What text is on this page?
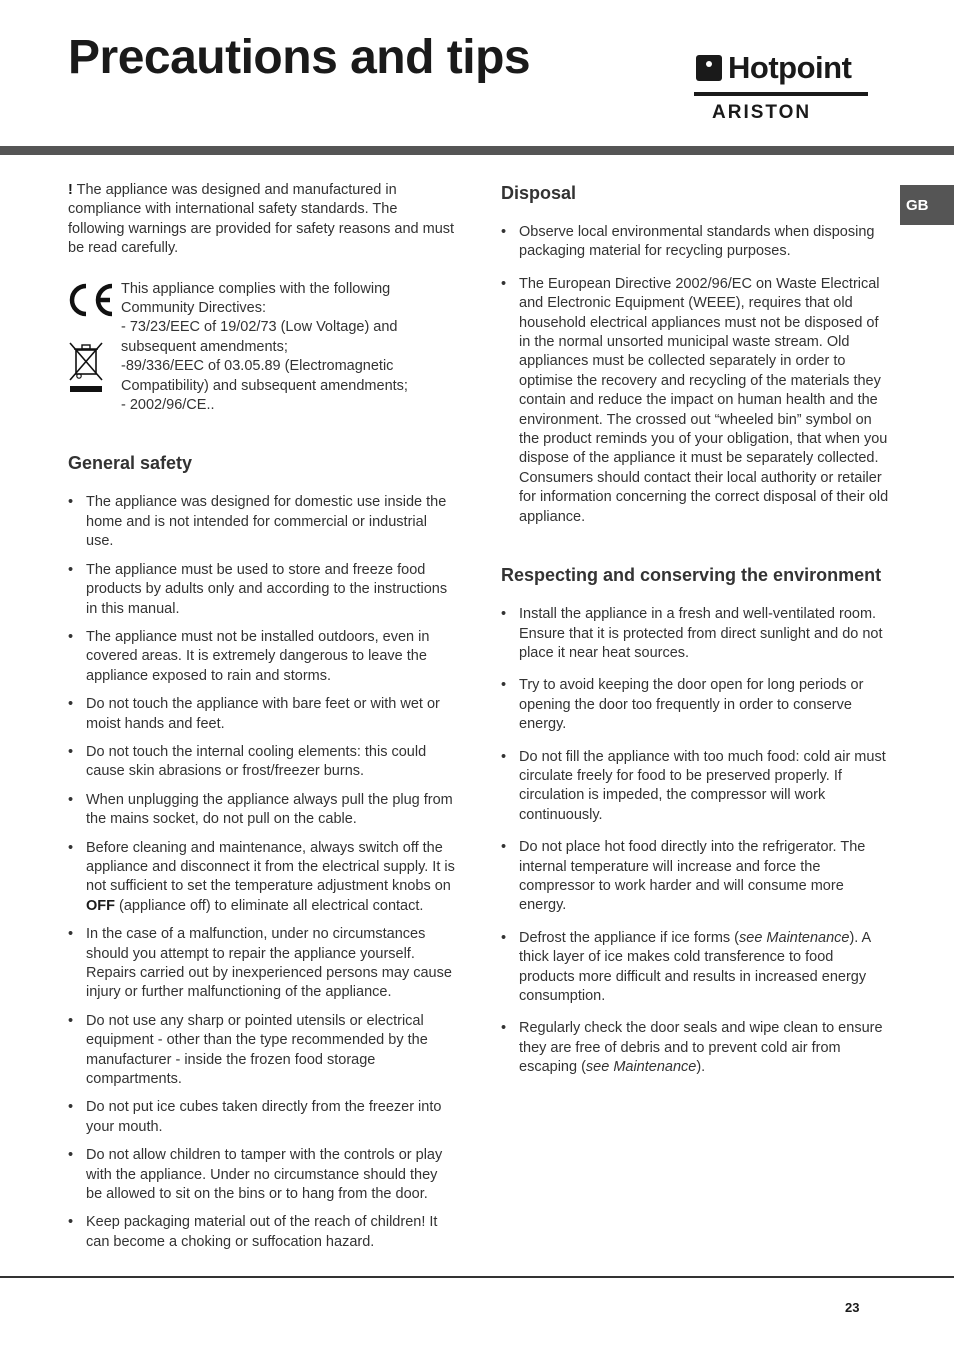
Precautions and tips	Hotpoint
ARISTON
GB

! The appliance was designed and manufactured in compliance with international safety standards. The following warnings are provided for safety reasons and must be read carefully.

This appliance complies with the following Community Directives:
- 73/23/EEC of 19/02/73 (Low Voltage) and subsequent amendments;
-89/336/EEC of 03.05.89 (Electromagnetic Compatibility) and subsequent amendments;
- 2002/96/CE..
General safety
• The appliance was designed for domestic use inside the home and is not intended for commercial or industrial use.
• The appliance must be used to store and freeze food products by adults only and according to the instructions in this manual.
• The appliance must not be installed outdoors, even in covered areas. It is extremely dangerous to leave the appliance exposed to rain and storms.
• Do not touch the appliance with bare feet or with wet or moist hands and feet.
• Do not touch the internal cooling elements: this could cause skin abrasions or frost/freezer burns.
• When unplugging the appliance always pull the plug from the mains socket, do not pull on the cable.
• Before cleaning and maintenance, always switch off the appliance and disconnect it from the electrical supply. It is not sufficient to set the temperature adjustment knobs on OFF (appliance off) to eliminate all electrical contact.
• In the case of a malfunction, under no circumstances should you attempt to repair the appliance yourself. Repairs carried out by inexperienced persons may cause injury or further malfunctioning of the appliance.
• Do not use any sharp or pointed utensils or electrical equipment - other than the type recommended by the manufacturer - inside the frozen food storage compartments.
• Do not put ice cubes taken directly from the freezer into your mouth.
• Do not allow children to tamper with the controls or play with the appliance. Under no circumstance should they be allowed to sit on the bins or to hang from the door.
• Keep packaging material out of the reach of children! It can become a choking or suffocation hazard.
Disposal
• Observe local environmental standards when disposing packaging material for recycling purposes.
• The European Directive 2002/96/EC on Waste Electrical and Electronic Equipment (WEEE), requires that old household electrical appliances must not be disposed of in the normal unsorted municipal waste stream. Old appliances must be collected separately in order to optimise the recovery and recycling of the materials they contain and reduce the impact on human health and the environment. The crossed out “wheeled bin” symbol on the product reminds you of your obligation, that when you dispose of the appliance it must be separately collected.
Consumers should contact their local authority or retailer for information concerning the correct disposal of their old appliance.
Respecting and conserving the environment
• Install the appliance in a fresh and well-ventilated room. Ensure that it is protected from direct sunlight and do not place it near heat sources.
• Try to avoid keeping the door open for long periods or opening the door too frequently in order to conserve energy.
• Do not fill the appliance with too much food: cold air must circulate freely for food to be preserved properly. If circulation is impeded, the compressor will work continuously.
• Do not place hot food directly into the refrigerator. The internal temperature will increase and force the compressor to work harder and will consume more energy.
• Defrost the appliance if ice forms (see Maintenance). A thick layer of ice makes cold transference to food products more difficult and results in increased energy consumption.
• Regularly check the door seals and wipe clean to ensure they are free of debris and to prevent cold air from escaping (see Maintenance).
23
